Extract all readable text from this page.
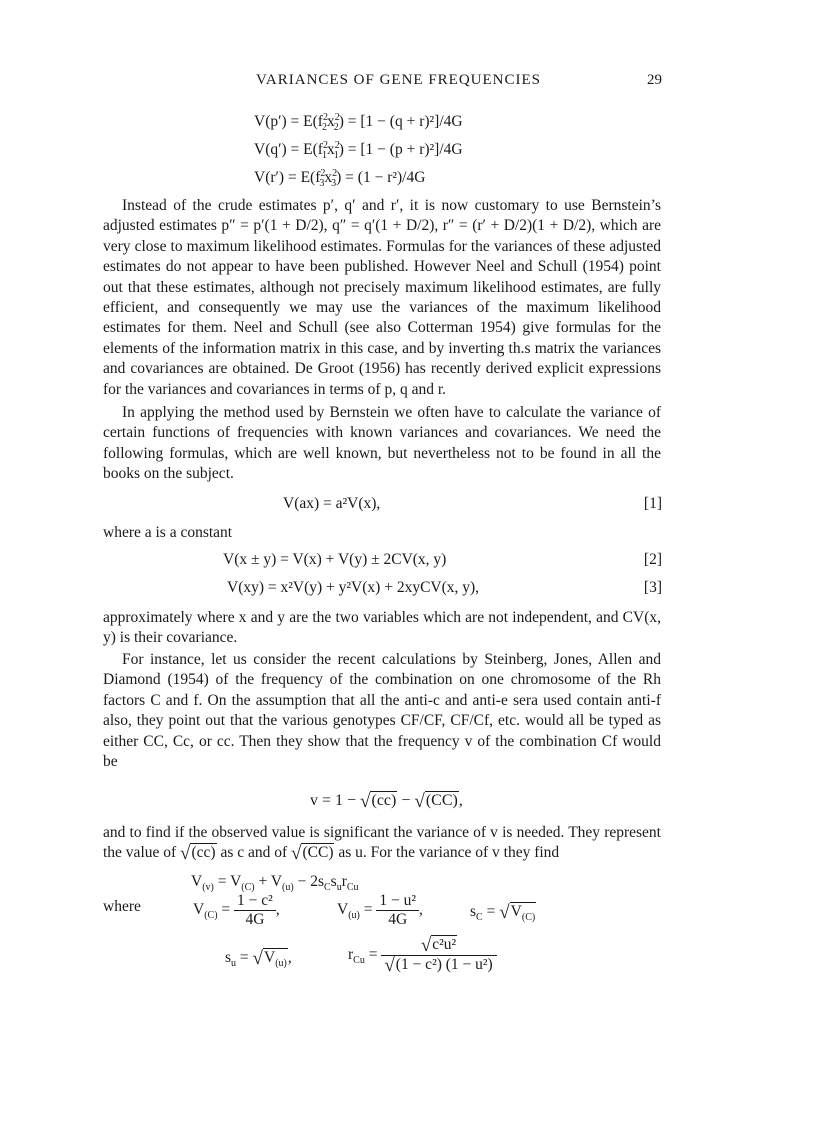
VARIANCES OF GENE FREQUENCIES	29
$V(p') = E(f^2_2x^2_2) = [1 - (q + r)^2]/4G$
$V(q') = E(f^2_1x^2_1) = [1 - (p + r)^2]/4G$
$V(r') = E(f^2_3x^2_3) = (1 - r^2)/4G$

Instead of the crude estimates p′, q′ and r′, it is now customary to use Bernstein’s adjusted estimates p″ = p′(1 + D/2), q″ = q′(1 + D/2), r″ = (r′ + D/2)(1 + D/2), which are very close to maximum likelihood estimates. Formulas for the variances of these adjusted estimates do not appear to have been published. However Neel and Schull (1954) point out that these estimates, although not precisely maximum likelihood estimates, are fully efficient, and consequently we may use the variances of the maximum likelihood estimates for them. Neel and Schull (see also Cotterman 1954) give formulas for the elements of the information matrix in this case, and by inverting th.s matrix the variances and covariances are obtained. De Groot (1956) has recently derived explicit expressions for the variances and covariances in terms of p, q and r.

In applying the method used by Bernstein we often have to calculate the variance of certain functions of frequencies with known variances and covariances. We need the following formulas, which are well known, but nevertheless not to be found in all the books on the subject.

V(ax) = a²V(x),	[1]

where a is a constant

V(x ± y) = V(x) + V(y) ± 2CV(x, y)	[2]
V(xy) = x²V(y) + y²V(x) + 2xyCV(x, y),	[3]

approximately where x and y are the two variables which are not independent, and CV(x, y) is their covariance.

For instance, let us consider the recent calculations by Steinberg, Jones, Allen and Diamond (1954) of the frequency of the combination on one chromosome of the Rh factors C and f. On the assumption that all the anti-c and anti-e sera used contain anti-f also, they point out that the various genotypes CF/CF, CF/Cf, etc. would all be typed as either CC, Cc, or cc. Then they show that the frequency v of the combination Cf would be

v = 1 − √(cc) − √(CC),

and to find if the observed value is significant the variance of v is needed. They represent the value of √(cc) as c and of √(CC) as u. For the variance of v they find

$V_{(v)} = V_{(C)} + V_{(u)} - 2s_Cs_ur_{Cu}$

where	$V_{(C)} = \frac{\text{1 − c²}}{4G}$ ,	$V_{(u)} = \frac{\text{1 − u²}}{4G}$ ,	$s_C = √V_{(C)}$
$s_u = √V_{(u)}$,	$r_{Cu} = \frac{\text{√c²u²}}{\text{√(1 − c²) (1 − u²)}}$
